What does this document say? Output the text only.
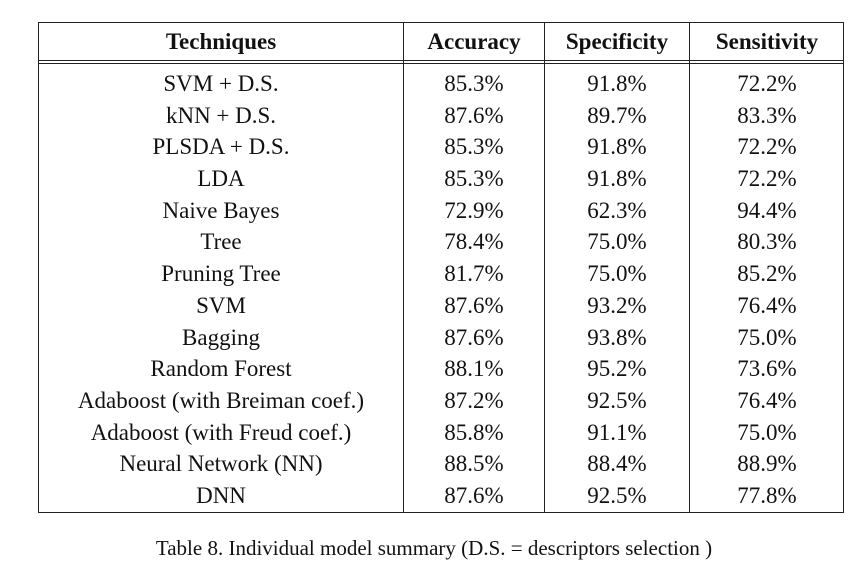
Techniques	Accuracy	Specificity	Sensitivity
SVM + D.S.	85.3%	91.8%	72.2%
kNN + D.S.	87.6%	89.7%	83.3%
PLSDA + D.S.	85.3%	91.8%	72.2%
LDA	85.3%	91.8%	72.2%
Naive Bayes	72.9%	62.3%	94.4%
Tree	78.4%	75.0%	80.3%
Pruning Tree	81.7%	75.0%	85.2%
SVM	87.6%	93.2%	76.4%
Bagging	87.6%	93.8%	75.0%
Random Forest	88.1%	95.2%	73.6%
Adaboost (with Breiman coef.)	87.2%	92.5%	76.4%
Adaboost (with Freud coef.)	85.8%	91.1%	75.0%
Neural Network (NN)	88.5%	88.4%	88.9%
DNN	87.6%	92.5%	77.8%
Table 8. Individual model summary (D.S. = descriptors selection )
